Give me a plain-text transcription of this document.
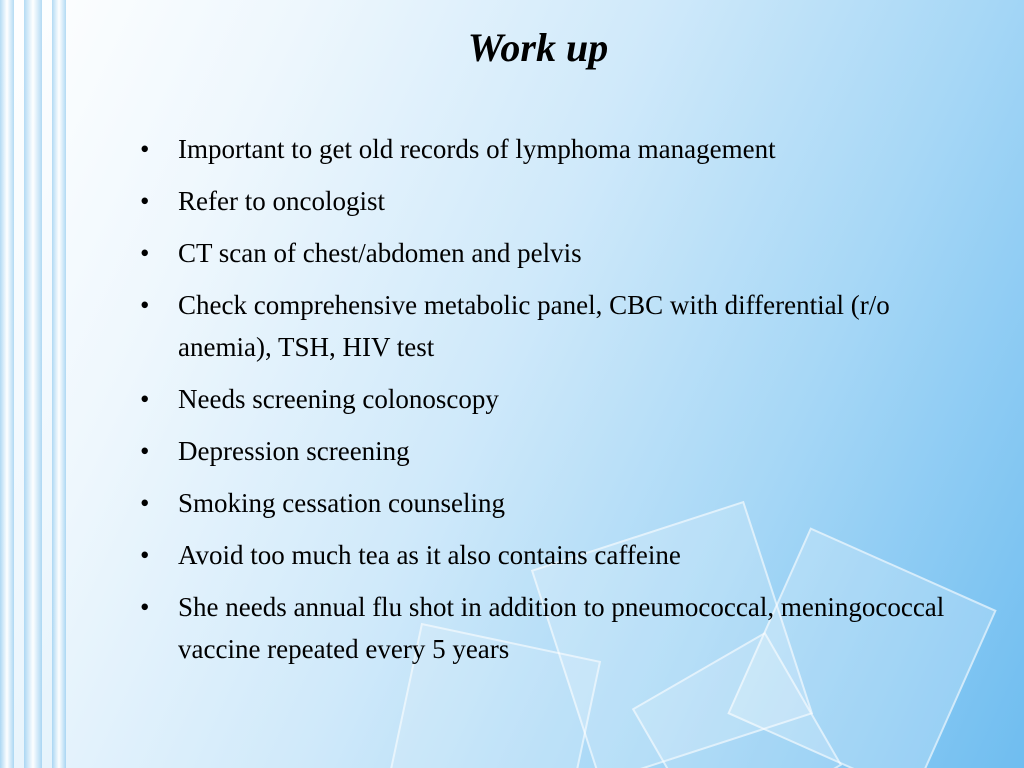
Work up
• Important to get old records of lymphoma management
• Refer to oncologist
• CT scan of chest/abdomen and pelvis
• Check comprehensive metabolic panel, CBC with differential (r/o anemia), TSH, HIV test
• Needs screening colonoscopy
• Depression screening
• Smoking cessation counseling
• Avoid too much tea as it also contains caffeine
• She needs annual flu shot in addition to pneumococcal, meningococcal vaccine repeated every 5 years
